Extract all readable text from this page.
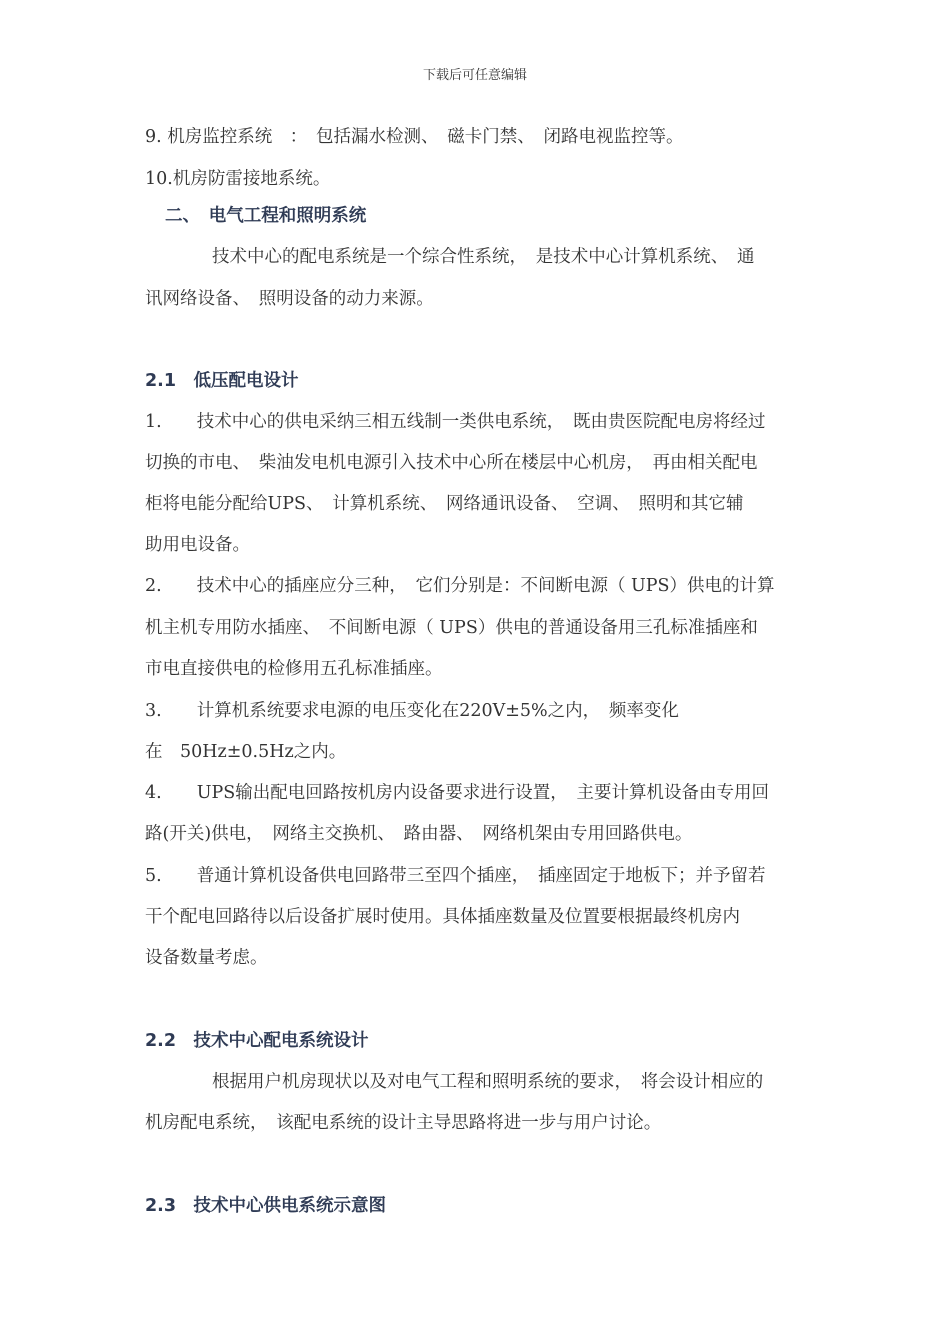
下载后可任意编辑
9. 机房监控系统　：　包括漏水检测、　磁卡门禁、　闭路电视监控等。
10.机房防雷接地系统。
二、　电气工程和照明系统
技术中心的配电系统是一个综合性系统，　是技术中心计算机系统、　通
讯网络设备、　照明设备的动力来源。
2.1　低压配电设计
1.　　技术中心的供电采纳三相五线制一类供电系统，　既由贵医院配电房将经过
切换的市电、　柴油发电机电源引入技术中心所在楼层中心机房，　再由相关配电
柜将电能分配给UPS、　计算机系统、　网络通讯设备、　空调、　照明和其它辅
助用电设备。
2.　　技术中心的插座应分三种，　它们分别是：不间断电源（ UPS）供电的计算
机主机专用防水插座、　不间断电源（ UPS）供电的普通设备用三孔标准插座和
市电直接供电的检修用五孔标准插座。
3.　　计算机系统要求电源的电压变化在220V±5%之内，　频率变化
在　50Hz±0.5Hz之内。
4.　　UPS输出配电回路按机房内设备要求进行设置，　主要计算机设备由专用回
路(开关)供电，　网络主交换机、　路由器、　网络机架由专用回路供电。
5.　　普通计算机设备供电回路带三至四个插座，　插座固定于地板下；并予留若
干个配电回路待以后设备扩展时使用。具体插座数量及位置要根据最终机房内
设备数量考虑。
2.2　技术中心配电系统设计
根据用户机房现状以及对电气工程和照明系统的要求，　将会设计相应的
机房配电系统，　该配电系统的设计主导思路将进一步与用户讨论。
2.3　技术中心供电系统示意图
